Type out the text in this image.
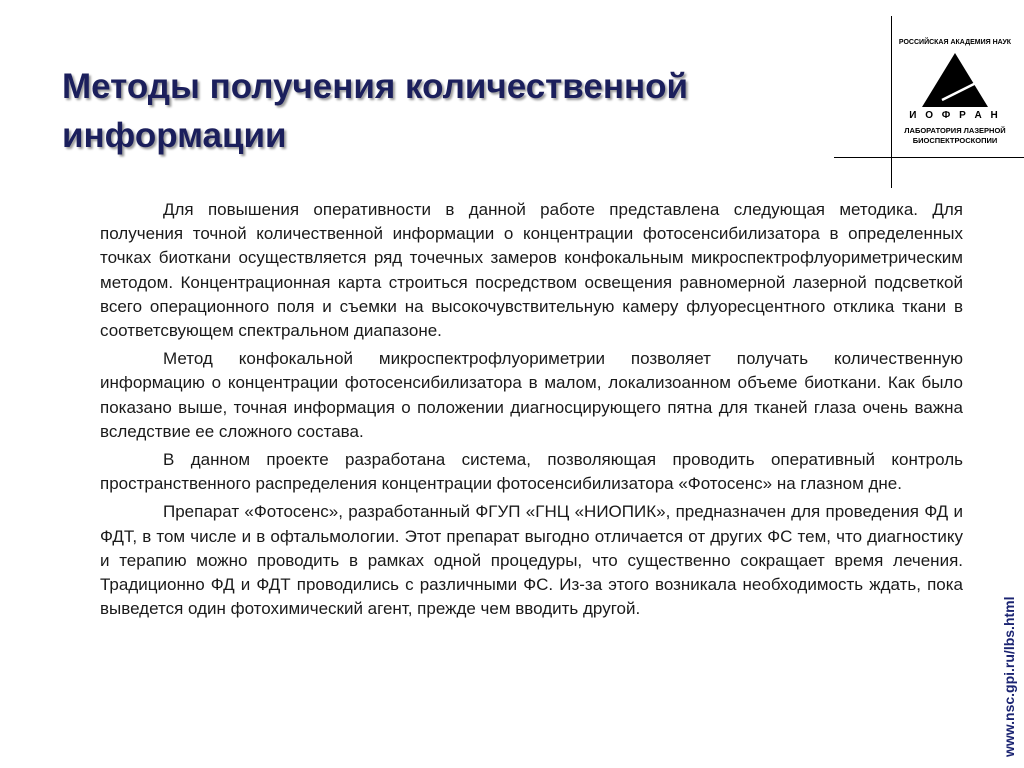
Методы получения количественной информации
РОССИЙСКАЯ АКАДЕМИЯ НАУК
И О Ф Р А Н
ЛАБОРАТОРИЯ ЛАЗЕРНОЙ
БИОСПЕКТРОСКОПИИ

Для повышения оперативности в данной работе представлена следующая методика. Для получения точной количественной информации о концентрации фотосенсибилизатора в определенных точках биоткани осуществляется ряд точечных замеров конфокальным микроспектрофлуориметрическим методом. Концентрационная карта строиться посредством освещения равномерной лазерной подсветкой всего операционного поля и съемки на высокочувствительную камеру флуоресцентного отклика ткани в соответсвующем спектральном диапазоне.

Метод конфокальной микроспектрофлуориметрии позволяет получать количественную информацию о концентрации фотосенсибилизатора в малом, локализоанном объеме биоткани. Как было показано выше, точная информация о положении диагносцирующего пятна для тканей глаза очень важна вследствие ее сложного состава.

В данном проекте разработана система, позволяющая проводить оперативный контроль пространственного распределения концентрации фотосенсибилизатора «Фотосенс» на глазном дне.

Препарат «Фотосенс», разработанный ФГУП «ГНЦ «НИОПИК», предназначен для проведения ФД и ФДТ, в том числе и в офтальмологии. Этот препарат выгодно отличается от других ФС тем, что диагностику и терапию можно проводить в рамках одной процедуры, что существенно сокращает время лечения. Традиционно ФД и ФДТ проводились с различными ФС. Из-за этого возникала необходимость ждать, пока выведется один фотохимический агент, прежде чем вводить другой.	www.nsc.gpi.ru/lbs.html
